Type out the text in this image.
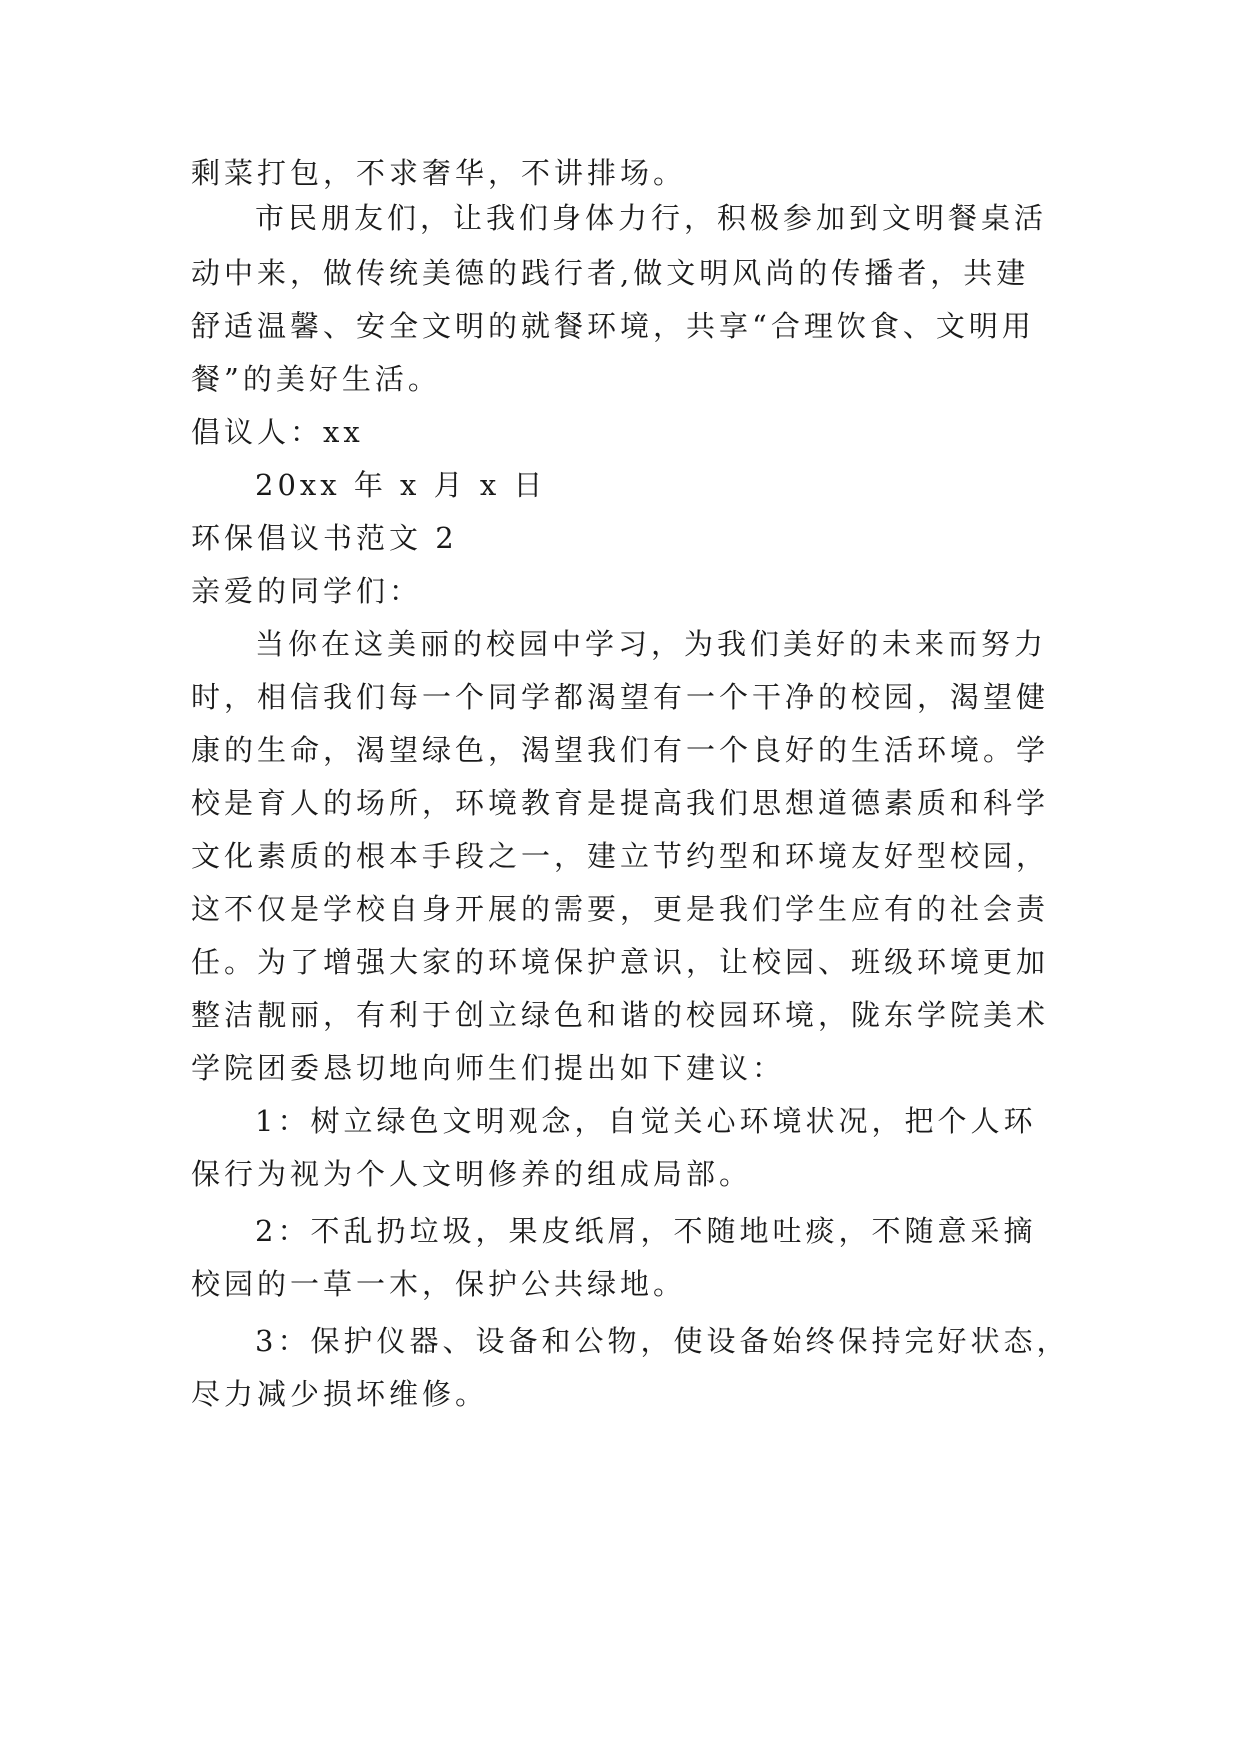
剩菜打包，不求奢华，不讲排场。
市民朋友们，让我们身体力行，积极参加到文明餐桌活
动中来，做传统美德的践行者,做文明风尚的传播者，共建
舒适温馨、安全文明的就餐环境，共享“合理饮食、文明用
餐”的美好生活。
倡议人：xx
20xx 年 x 月 x 日
环保倡议书范文 2
亲爱的同学们：
当你在这美丽的校园中学习，为我们美好的未来而努力
时，相信我们每一个同学都渴望有一个干净的校园，渴望健
康的生命，渴望绿色，渴望我们有一个良好的生活环境。学
校是育人的场所，环境教育是提高我们思想道德素质和科学
文化素质的根本手段之一，建立节约型和环境友好型校园，
这不仅是学校自身开展的需要，更是我们学生应有的社会责
任。为了增强大家的环境保护意识，让校园、班级环境更加
整洁靓丽，有利于创立绿色和谐的校园环境，陇东学院美术
学院团委恳切地向师生们提出如下建议：
1：树立绿色文明观念，自觉关心环境状况，把个人环
保行为视为个人文明修养的组成局部。
2：不乱扔垃圾，果皮纸屑，不随地吐痰，不随意采摘
校园的一草一木，保护公共绿地。
3：保护仪器、设备和公物，使设备始终保持完好状态，
尽力减少损坏维修。
